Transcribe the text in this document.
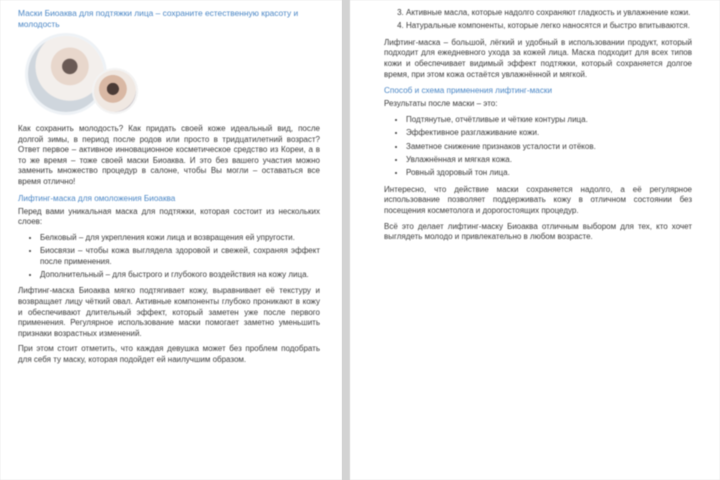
Маски Биоаква для подтяжки лица – сохраните естественную красоту и молодость

Как сохранить молодость? Как придать своей коже идеальный вид, после долгой зимы, в период после родов или просто в тридцатилетний возраст? Ответ первое – активное инновационное косметическое средство из Кореи, а в то же время – тоже своей маски Биоаква. И это без вашего участия можно заменить множество процедур в салоне, чтобы Вы могли – оставаться все время отлично!

Лифтинг-маска для омоложения Биоаква

Перед вами уникальная маска для подтяжки, которая состоит из нескольких слоев:

• Белковый – для укрепления кожи лица и возвращения ей упругости.
• Биосвязи – чтобы кожа выглядела здоровой и свежей, сохраняя эффект после применения.
• Дополнительный – для быстрого и глубокого воздействия на кожу лица.

Лифтинг-маска Биоаква мягко подтягивает кожу, выравнивает её текстуру и возвращает лицу чёткий овал. Активные компоненты глубоко проникают в кожу и обеспечивают длительный эффект, который заметен уже после первого применения. Регулярное использование маски помогает заметно уменьшить признаки возрастных изменений.

При этом стоит отметить, что каждая девушка может без проблем подобрать для себя ту маску, которая подойдет ей наилучшим образом.

3. Активные масла, которые надолго сохраняют гладкость и увлажнение кожи.
4. Натуральные компоненты, которые легко наносятся и быстро впитываются.

Лифтинг-маска – большой, лёгкий и удобный в использовании продукт, который подходит для ежедневного ухода за кожей лица. Маска подходит для всех типов кожи и обеспечивает видимый эффект подтяжки, который сохраняется долгое время, при этом кожа остаётся увлажнённой и мягкой.

Способ и схема применения лифтинг-маски

Результаты после маски – это:

• Подтянутые, отчётливые и чёткие контуры лица.
• Эффективное разглаживание кожи.
• Заметное снижение признаков усталости и отёков.
• Увлажнённая и мягкая кожа.
• Ровный здоровый тон лица.

Интересно, что действие маски сохраняется надолго, а её регулярное использование позволяет поддерживать кожу в отличном состоянии без посещения косметолога и дорогостоящих процедур.

Всё это делает лифтинг-маску Биоаква отличным выбором для тех, кто хочет выглядеть молодо и привлекательно в любом возрасте.
